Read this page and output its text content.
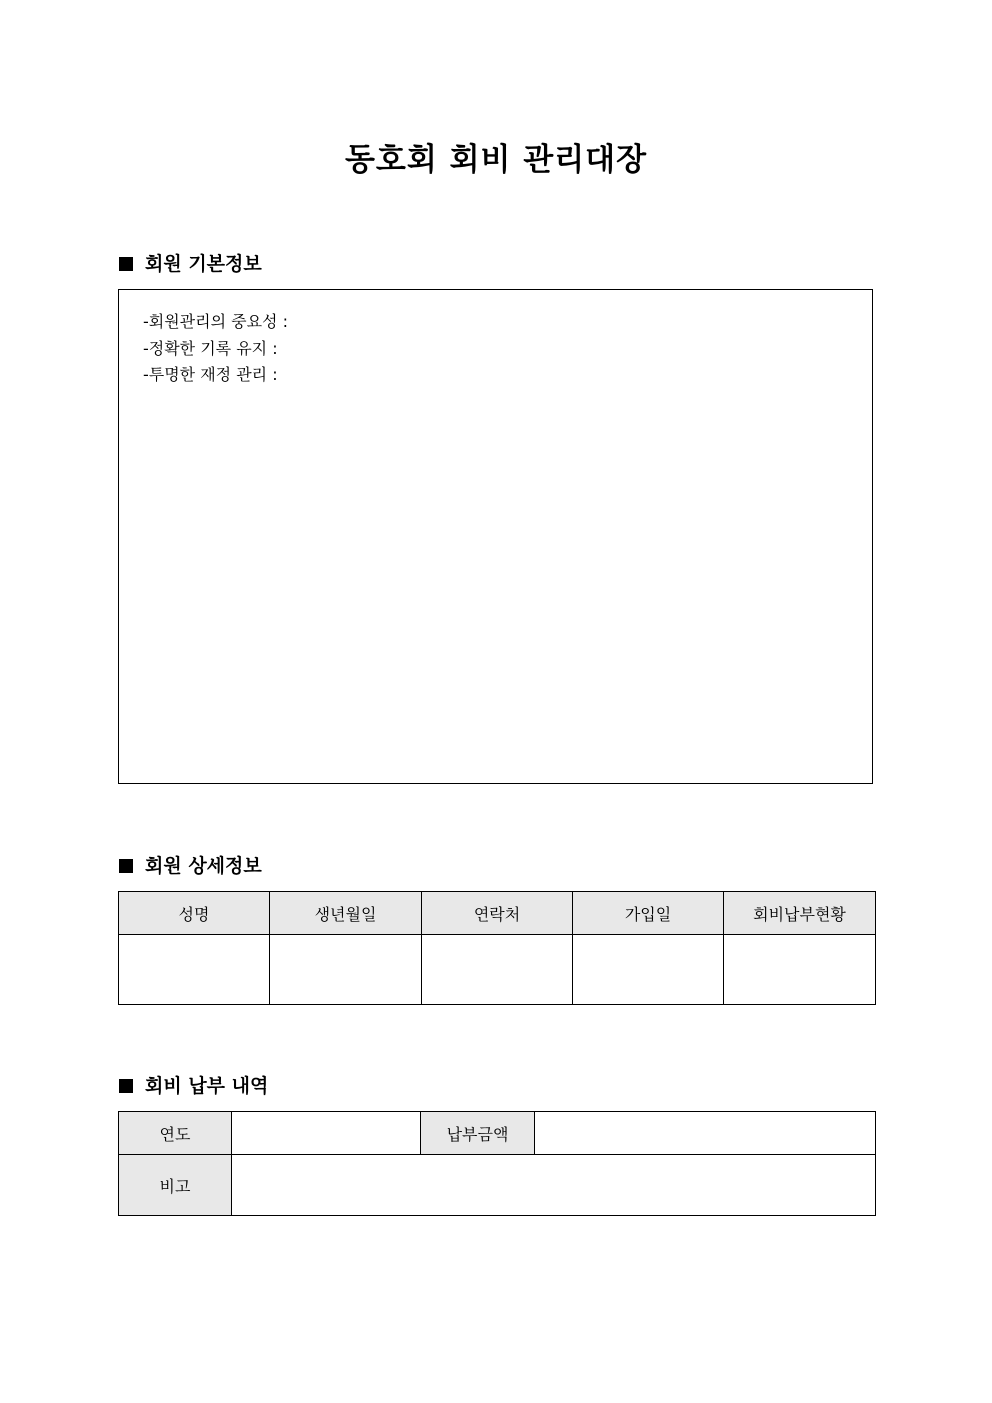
동호회 회비 관리대장
회원 기본정보
-회원관리의 중요성 :
-정확한 기록 유지 :
-투명한 재정 관리 :
회원 상세정보
성명	생년월일	연락처	가입일	회비납부현황

회비 납부 내역
연도		납부금액	
비고			
